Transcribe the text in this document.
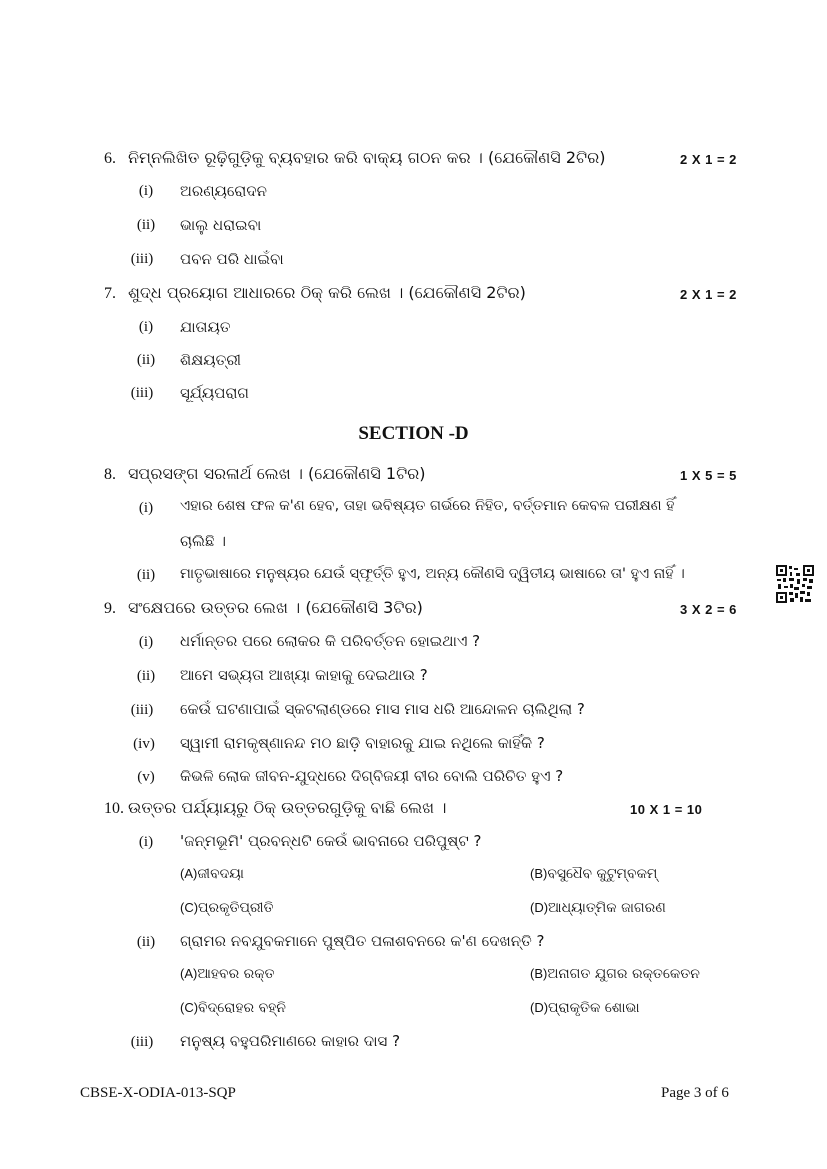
6. ନିମ୍ନଲିଖିତ ରୂଢ଼ିଗୁଡ଼ିକୁ ବ୍ୟବହାର କରି ବାକ୍ୟ ଗଠନ କର । (ଯେକୌଣସି 2ଟିର)	2 X 1 = 2
(i)	ଅରଣ୍ୟରୋଦନ
(ii)	ଭାଲୁ ଧରାଇବା
(iii)	ପବନ ପରି ଧାଇଁବା
7. ଶୁଦ୍ଧ ପ୍ରୟୋଗ ଆଧାରରେ ଠିକ୍ କରି ଲେଖ । (ଯେକୌଣସି 2ଟିର)	2 X 1 = 2
(i)	ଯାତାୟତ
(ii)	ଶିକ୍ଷୟତ୍ରୀ
(iii)	ସୂର୍ଯ୍ୟପରାଗ
SECTION -D
8. ସପ୍ରସଙ୍ଗ ସରଳାର୍ଥ ଲେଖ । (ଯେକୌଣସି 1ଟିର)	1 X 5 = 5
(i)	ଏହାର ଶେଷ ଫଳ କ'ଣ ହେବ, ତାହା ଭବିଷ୍ୟତ ଗର୍ଭରେ ନିହିତ, ବର୍ତ୍ତମାନ କେବଳ ପରୀକ୍ଷଣ ହିଁ
ଚାଲିଛି ।
(ii)	ମାତୃଭାଷାରେ ମନୁଷ୍ୟର ଯେଉଁ ସ୍ଫୂର୍ତ୍ତି ହୁଏ, ଅନ୍ୟ କୌଣସି ଦ୍ୱିତୀୟ ଭାଷାରେ ତା' ହୁଏ ନାହିଁ ।
9. ସଂକ୍ଷେପରେ ଉତ୍ତର ଲେଖ । (ଯେକୌଣସି 3ଟିର)	3 X 2 = 6
(i)	ଧର୍ମାନ୍ତର ପରେ ଲୋକର କି ପରିବର୍ତ୍ତନ ହୋଇଥାଏ ?
(ii)	ଆମେ ସଭ୍ୟତା ଆଖ୍ୟା କାହାକୁ ଦେଇଥାଉ ?
(iii)	କେଉଁ ଘଟଣାପାଇଁ ସ୍କଟଲାଣ୍ଡରେ ମାସ ମାସ ଧରି ଆନ୍ଦୋଳନ ଚାଲିଥିଲା ?
(iv)	ସ୍ୱାମୀ ରାମକୃଷ୍ଣାନନ୍ଦ ମଠ ଛାଡ଼ି ବାହାରକୁ ଯାଇ ନଥିଲେ କାହିଁକି ?
(v)	କିଭଳି ଲୋକ ଜୀବନ-ଯୁଦ୍ଧରେ ଦିଗ୍‌ବିଜୟୀ ବୀର ବୋଲି ପରିଚିତ ହୁଏ ?
10. ଉତ୍ତର ପର୍ଯ୍ୟାୟରୁ ଠିକ୍ ଉତ୍ତରଗୁଡ଼ିକୁ ବାଛି ଲେଖ ।	10 X 1 = 10
(i)	'ଜନ୍ମଭୂମି' ପ୍ରବନ୍ଧଟି କେଉଁ ଭାବନାରେ ପରିପୁଷ୍ଟ ?
(A)ଜୀବଦୟା	(B)ବସୁଧୈବ କୁଟୁମ୍ବକମ୍
(C)ପ୍ରକୃତିପ୍ରୀତି	(D)ଆଧ୍ୟାତ୍ମିକ ଜାଗରଣ
(ii)	ଗ୍ରାମର ନବଯୁବକମାନେ ପୁଷ୍ପିତ ପଳାଶବନରେ କ'ଣ ଦେଖନ୍ତି ?
(A)ଆହବର ରକ୍ତ	(B)ଅନାଗତ ଯୁଗର ରକ୍ତକେତନ
(C)ବିଦ୍ରୋହର ବହ୍ନି	(D)ପ୍ରାକୃତିକ ଶୋଭା
(iii)	ମନୁଷ୍ୟ ବହୁପରିମାଣରେ କାହାର ଦାସ ?
CBSE-X-ODIA-013-SQP	Page 3 of 6
